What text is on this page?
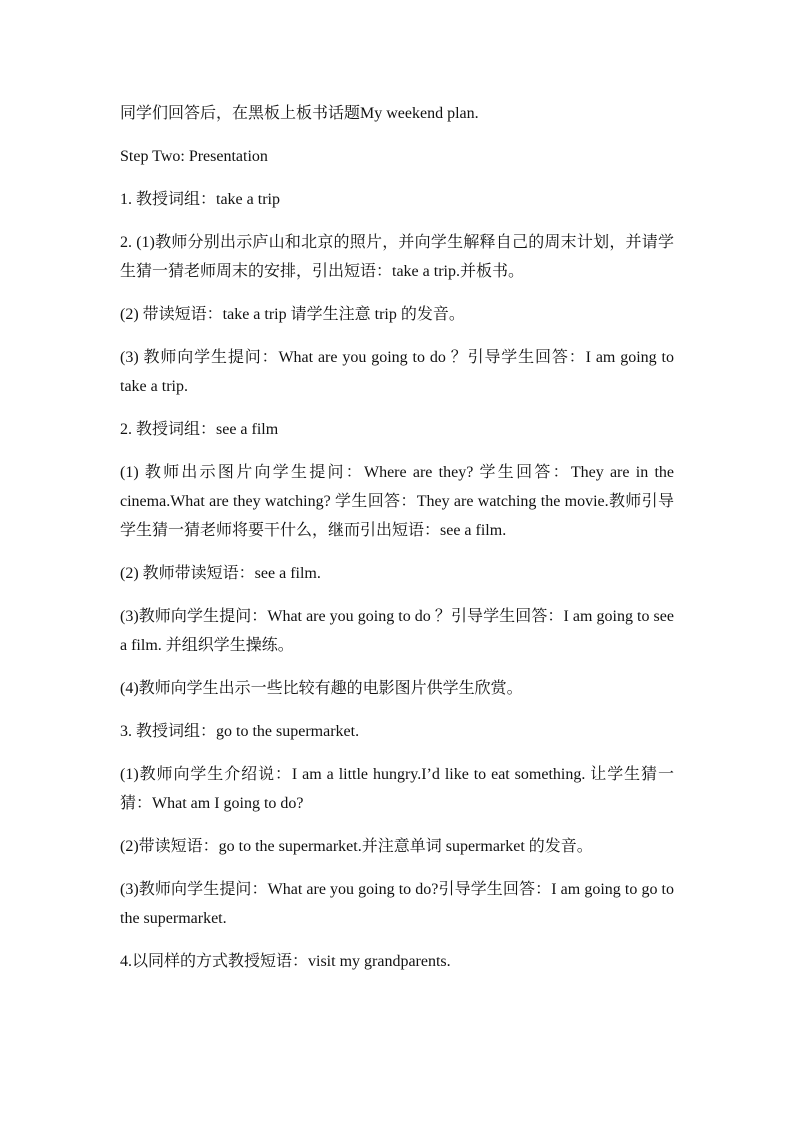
同学们回答后，在黑板上板书话题My weekend plan.

Step Two: Presentation

1. 教授词组：take a trip

2. (1)教师分别出示庐山和北京的照片，并向学生解释自己的周末计划，并请学生猜一猜老师周末的安排，引出短语：take a trip.并板书。

(2) 带读短语：take a trip 请学生注意 trip 的发音。

(3) 教师向学生提问：What are you going to do ？引导学生回答：I am going to take a trip.

2. 教授词组：see a film

(1) 教师出示图片向学生提问：Where are they? 学生回答：They are in the cinema.What are they watching? 学生回答：They are watching the movie.教师引导学生猜一猜老师将要干什么，继而引出短语：see a film.

(2) 教师带读短语：see a film.

(3)教师向学生提问：What are you going to do ？引导学生回答：I am going to see a film. 并组织学生操练。

(4)教师向学生出示一些比较有趣的电影图片供学生欣赏。

3. 教授词组：go to the supermarket.

(1)教师向学生介绍说：I am a little hungry.I’d like to eat something. 让学生猜一猜：What am I going to do?

(2)带读短语：go to the supermarket.并注意单词 supermarket 的发音。

(3)教师向学生提问：What are you going to do?引导学生回答：I am going to go to the supermarket.

4.以同样的方式教授短语：visit my grandparents.
